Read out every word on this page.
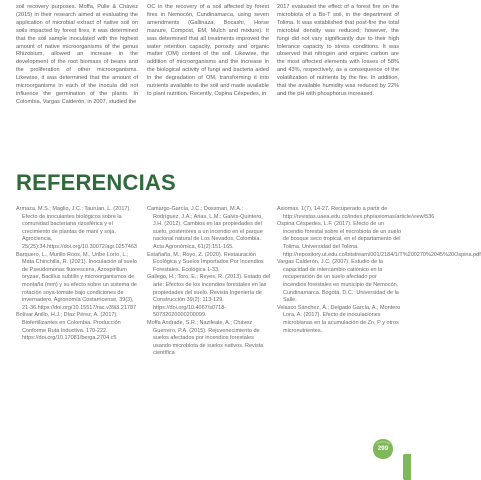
soil recovery purposes. Moffa, Pulle & Chávez (2015) in their research aimed at evaluating the application of microbial extract of native soil on soils impacted by forest fires, it was determined that the soil sample inoculated with the highest amount of native microorganisms of the genus Rhizobium, allowed an increase in the development of the root biomass of beans and the proliferation of other microorganisms. Likewise, it was determined that the amount of microorganisms in each of the inocula did not influence the germination of the plants. In Colombia, Vargas Calderón, in 2007, studied the

OC in the recovery of a soil affected by forest fires in Nemocón, Cundinamarca, using seven amendments (Gallinaza, Bocashi, Horse manure, Compost, EM, Mulch and mixture). It was determined that all treatments improved the water retention capacity, porosity and organic matter (OM) content of the soil. Likewise, the addition of microorganisms and the increase in the biological activity of fungi and bacteria aided in the degradation of OM, transforming it into nutrients available to the soil and made available to plant nutrition. Recently, Ospina Céspedes, in

2017 evaluated the effect of a forest fire on the microbiota of a Bs-T soil, in the department of Tolima. It was established that post-fire the total microbial density was reduced; however, the fungi did not vary significantly due to their high tolerance capacity to stress conditions. It was observed that nitrogen and organic carbon are the most affected elements with losses of 58% and 43%, respectively, as a consequence of the volatilization of nutrients by the fire. In addition, that the available humidity was reduced by 22% and the pH with phosphorus increased.

REFERENCIAS

Armaza, M.S.; Maglio, J.C.; Tauruan, L. (2017). Efecto de inoculantes biológicos sobre la comunidad bacteriana rizosférica y el crecimiento de plantas de maní y soja. Agrociencia, 25(25):34.https://doi.org/10.30072/agr.0257463

Barquero, L., Murillo Roos, M., Uribe Lorío, L.; Mata Chinchilla, R. (2021). Inoculación al suelo de Pseudomonas fluorescens, Azospirillum oryzae, Bacillus subtilis y microorganismos de montaña (mm) y su efecto sobre un sistema de rotación soya-tomate bajo condiciones de invernadero. Agronomía Costarricense, 39(3), 21-36.https://doi.org/10.15517/rac.v39i3.21787

Bolívar Anillo, H.J.; Díaz Pérez, A. (2017). Biofertilizantes en Colombia. Producción Conforme Ruta Inductiva. 170-222. https://doi.org/10.17081/berga.2704 c5

Camargo-García, J.C.; Dossman, M.A.; Rodríguez, J.A.; Arias, L.M.; Galvis-Quintero, J.H. (2012). Cambios en las propiedades del suelo, posteriores a un incendio en el parque nacional natural de Los Nevados, Colombia. Acta Agronómica, 61(2):151-165.

Estañaña, M.; Royo, Z. (2020). Restauración Ecológica y Suelos Importados Por Incendios Forestales. Ecológica 1-33.

Gallego, H.; Toro, E.; Reyes, R. (2013). Estado del arte: Efectos de los incendios forestales en las propiedades del suelo. Revista Ingeniería de Construcción 39(2): 113-129. https://doi.org/10.4067/s0718-50732020000200099.

Moffa Andrade, S.R.; Nazifeale, A.; Chávez Guerrero, P.A. (2015). Rejuvenecimiento de suelos afectados por incendios forestales usando microbiota de suelos nativos. Revista científica

Axiomas, 1(7), 14-27. Recuperado a partir de http://revistas.uaea.edu.co/index.php/axiomas/article/view/536

Ospina Céspedes, L.F. (2017). Efecto de un incendio forestal sobre el microbiota de un suelo de bosque seco tropical, en el departamento del Tolima. Universidad del Tolima. http://repository.ut.edu.co/bitstream/001/2184/1/T%200270%2045%20Ospina.pdf

Vargas Calderón, J.C. (2007). Estudio de la capacidad de intercambio catiónico en la recuperación de un suelo afectado por incendios forestales en municipio de Nemocón, Cundinamarca. Bogotá, D.C.: Universidad de la Salle.

Velasco Sánchez, Á.; Delgado García, A.; Montero Lora, A. (2017). Efecto de inoculaciones microbianas en la acumulación de Zn, P y otros micronutrientes.

299
